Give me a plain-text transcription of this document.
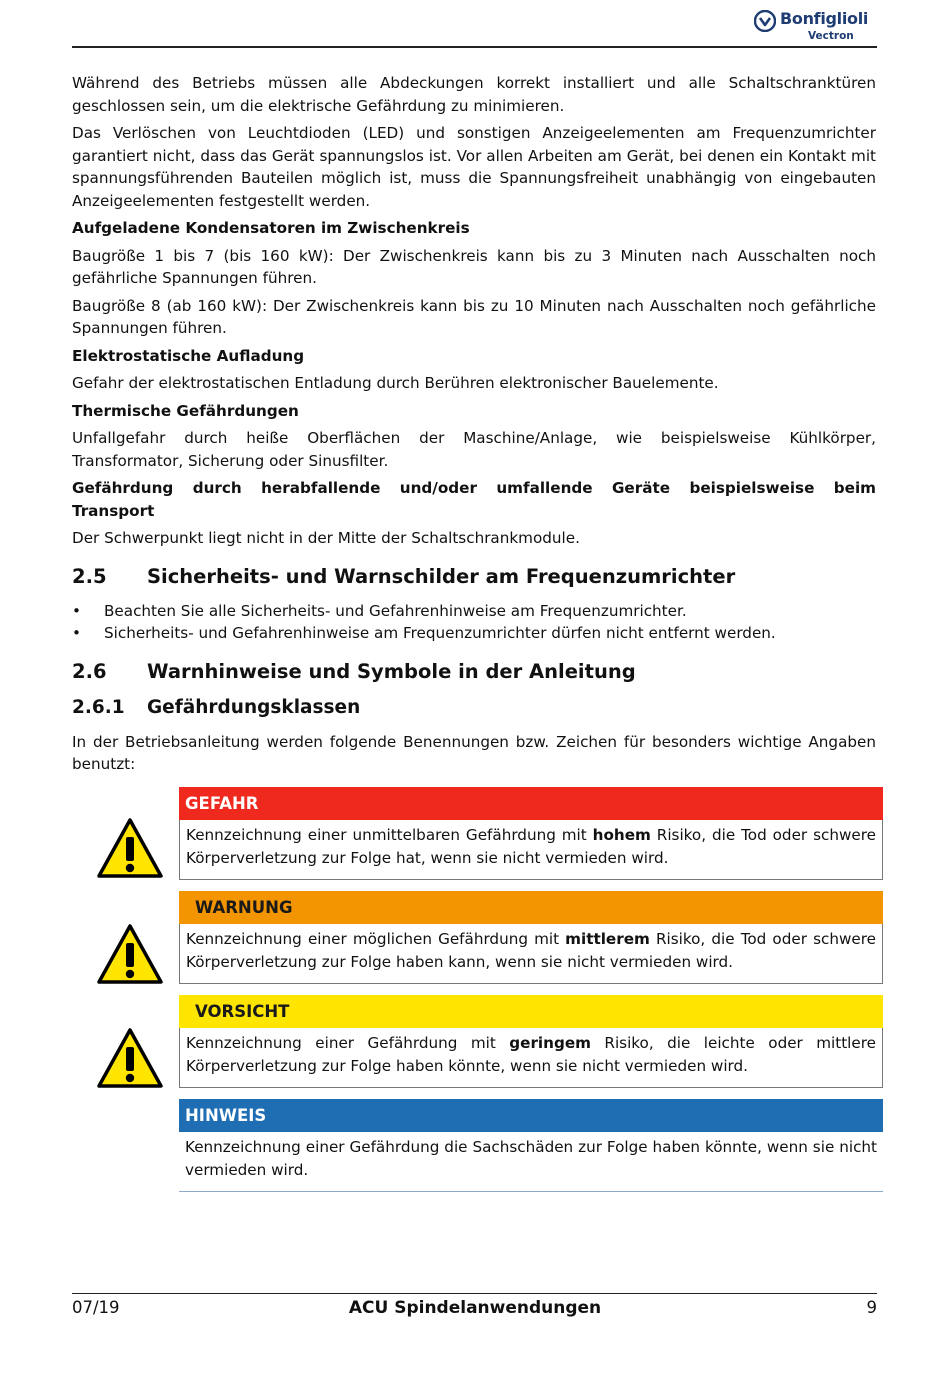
Bonfiglioli
Vectron

Während des Betriebs müssen alle Abdeckungen korrekt installiert und alle Schaltschranktüren geschlossen sein, um die elektrische Gefährdung zu minimieren.

Das Verlöschen von Leuchtdioden (LED) und sonstigen Anzeigeelementen am Frequenzumrichter garantiert nicht, dass das Gerät spannungslos ist. Vor allen Arbeiten am Gerät, bei denen ein Kontakt mit spannungsführenden Bauteilen möglich ist, muss die Spannungsfreiheit unabhängig von eingebauten Anzeigeelementen festgestellt werden.

Aufgeladene Kondensatoren im Zwischenkreis

Baugröße 1 bis 7 (bis 160 kW): Der Zwischenkreis kann bis zu 3 Minuten nach Ausschalten noch gefährliche Spannungen führen.

Baugröße 8 (ab 160 kW): Der Zwischenkreis kann bis zu 10 Minuten nach Ausschalten noch gefährliche Spannungen führen.

Elektrostatische Aufladung

Gefahr der elektrostatischen Entladung durch Berühren elektronischer Bauelemente.

Thermische Gefährdungen

Unfallgefahr durch heiße Oberflächen der Maschine/Anlage, wie beispielsweise Kühlkörper, Transformator, Sicherung oder Sinusfilter.

Gefährdung durch herabfallende und/oder umfallende Geräte beispielsweise beim

Transport

Der Schwerpunkt liegt nicht in der Mitte der Schaltschrankmodule.

2.5	Sicherheits- und Warnschilder am Frequenzumrichter
• Beachten Sie alle Sicherheits- und Gefahrenhinweise am Frequenzumrichter.
• Sicherheits- und Gefahrenhinweise am Frequenzumrichter dürfen nicht entfernt werden.
2.6	Warnhinweise und Symbole in der Anleitung
2.6.1	Gefährdungsklassen

In der Betriebsanleitung werden folgende Benennungen bzw. Zeichen für besonders wichtige Angaben benutzt:

GEFAHR
Kennzeichnung einer unmittelbaren Gefährdung mit hohem Risiko, die Tod oder schwere Körperverletzung zur Folge hat, wenn sie nicht vermieden wird.
WARNUNG
Kennzeichnung einer möglichen Gefährdung mit mittlerem Risiko, die Tod oder schwere Körperverletzung zur Folge haben kann, wenn sie nicht vermieden wird.
VORSICHT
Kennzeichnung einer Gefährdung mit geringem Risiko, die leichte oder mittlere Körperverletzung zur Folge haben könnte, wenn sie nicht vermieden wird.
HINWEIS
Kennzeichnung einer Gefährdung die Sachschäden zur Folge haben könnte, wenn sie nicht vermieden wird.
07/19	ACU Spindelanwendungen	9
